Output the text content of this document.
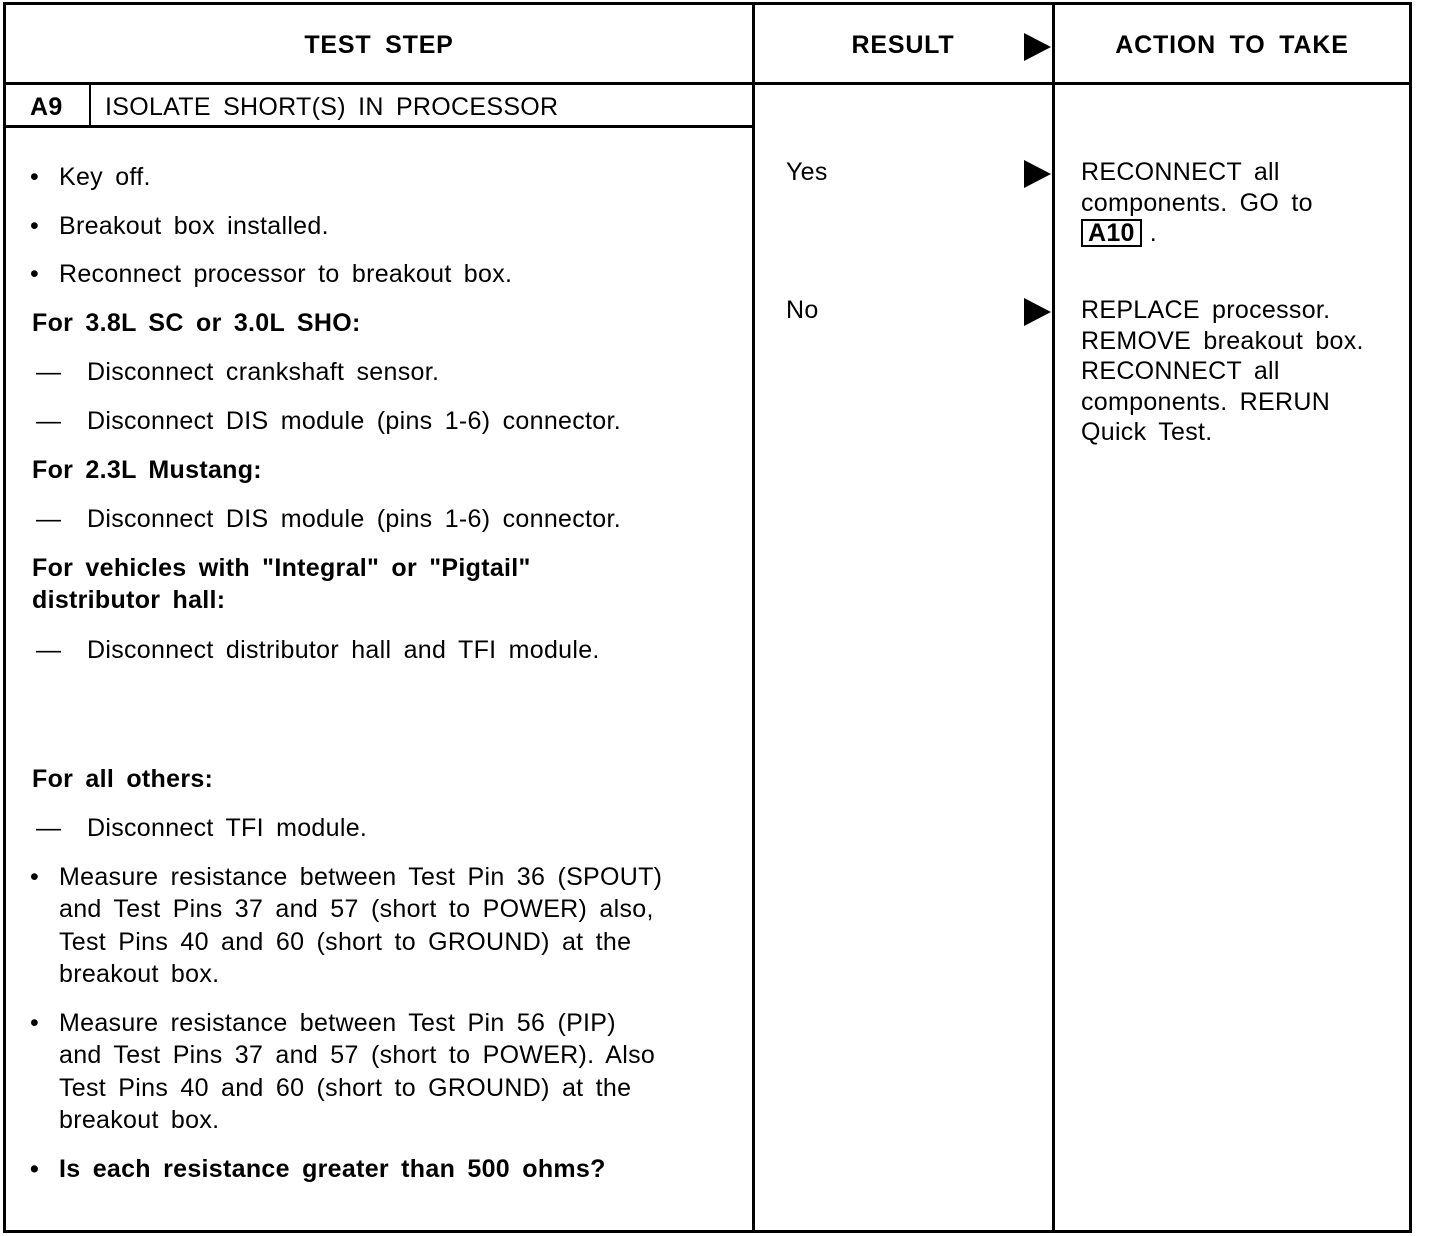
TEST STEP	RESULT	ACTION TO TAKE
A9 ISOLATE SHORT(S) IN PROCESSOR
• Key off.
• Breakout box installed.
• Reconnect processor to breakout box.
For 3.8L SC or 3.0L SHO:
— Disconnect crankshaft sensor.
— Disconnect DIS module (pins 1-6) connector.
For 2.3L Mustang:
— Disconnect DIS module (pins 1-6) connector.
For vehicles with "Integral" or "Pigtail"
distributor hall:
— Disconnect distributor hall and TFI module.
For all others:
— Disconnect TFI module.
• Measure resistance between Test Pin 36 (SPOUT)
and Test Pins 37 and 57 (short to POWER) also,
Test Pins 40 and 60 (short to GROUND) at the
breakout box.
• Measure resistance between Test Pin 56 (PIP)
and Test Pins 37 and 57 (short to POWER). Also
Test Pins 40 and 60 (short to GROUND) at the
breakout box.
• Is each resistance greater than 500 ohms?
Yes	RECONNECT all
components. GO to
A10 .
No	REPLACE processor.
REMOVE breakout box.
RECONNECT all
components. RERUN
Quick Test.
